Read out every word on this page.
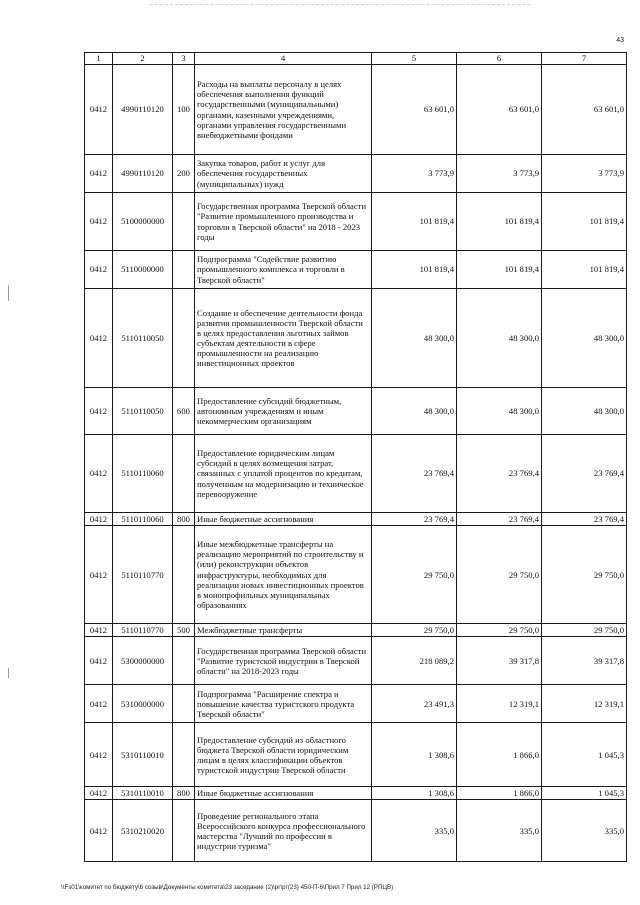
43
1	2	3	4	5	6	7
0412	4990110120	100	Расходы на выплаты персоналу в целях обеспечения выполнения функций государственными (муниципальными) органами, казенными учреждениями, органами управления государственными внебюджетными фондами	63 601,0	63 601,0	63 601,0
0412	4990110120	200	Закупка товаров, работ и услуг для обеспечения государственных (муниципальных) нужд	3 773,9	3 773,9	3 773,9
0412	5100000000		Государственная программа Тверской области "Развитие промышленного производства и торговли в Тверской области" на 2018 - 2023 годы	101 819,4	101 819,4	101 819,4
0412	5110000000		Подпрограмма "Содействие развитию промышленного комплекса и торговли в Тверской области"	101 819,4	101 819,4	101 819,4
0412	5110110050		Создание и обеспечение деятельности фонда развития промышленности Тверской области в целях предоставления льготных займов субъектам деятельности в сфере промышленности на реализацию инвестиционных проектов	48 300,0	48 300,0	48 300,0
0412	5110110050	600	Предоставление субсидий бюджетным, автономным учреждениям и иным некоммерческим организациям	48 300,0	48 300,0	48 300,0
0412	5110110060		Предоставление юридическим лицам субсидий в целях возмещения затрат, связанных с уплатой процентов по кредитам, полученным на модернизацию и техническое перевооружение	23 769,4	23 769,4	23 769,4
0412	5110110060	800	Иные бюджетные ассигнования	23 769,4	23 769,4	23 769,4
0412	5110110770		Иные межбюджетные трансферты на реализацию мероприятий по строительству и (или) реконструкции объектов инфраструктуры, необходимых для реализации новых инвестиционных проектов в монопрофильных муниципальных образованиях	29 750,0	29 750,0	29 750,0
0412	5110110770	500	Межбюджетные трансферты	29 750,0	29 750,0	29 750,0
0412	5300000000		Государственная программа Тверской области "Развитие туристской индустрии в Тверской области" на 2018-2023 годы	218 089,2	39 317,8	39 317,8
0412	5310000000		Подпрограмма "Расширение спектра и повышение качества туристского продукта Тверской области"	23 491,3	12 319,1	12 319,1
0412	5310110010		Предоставление субсидий из областного бюджета Тверской области юридическим лицам в целях классификации объектов туристской индустрии Тверской области	1 308,6	1 866,0	1 045,3
0412	5310110010	800	Иные бюджетные ассигнования	1 308,6	1 866,0	1 045,3
0412	5310210020		Проведение регионального этапа Всероссийского конкурса профессионального мастерства "Лучший по профессии в индустрии туризма"	335,0	335,0	335,0
\\Fs01\комитет по бюджету\6 созыв\Документы комитета\23 заседание (2)\рг\рг(23) 450-П-6\Прил 7 Прил 12 (РПЦВ)
